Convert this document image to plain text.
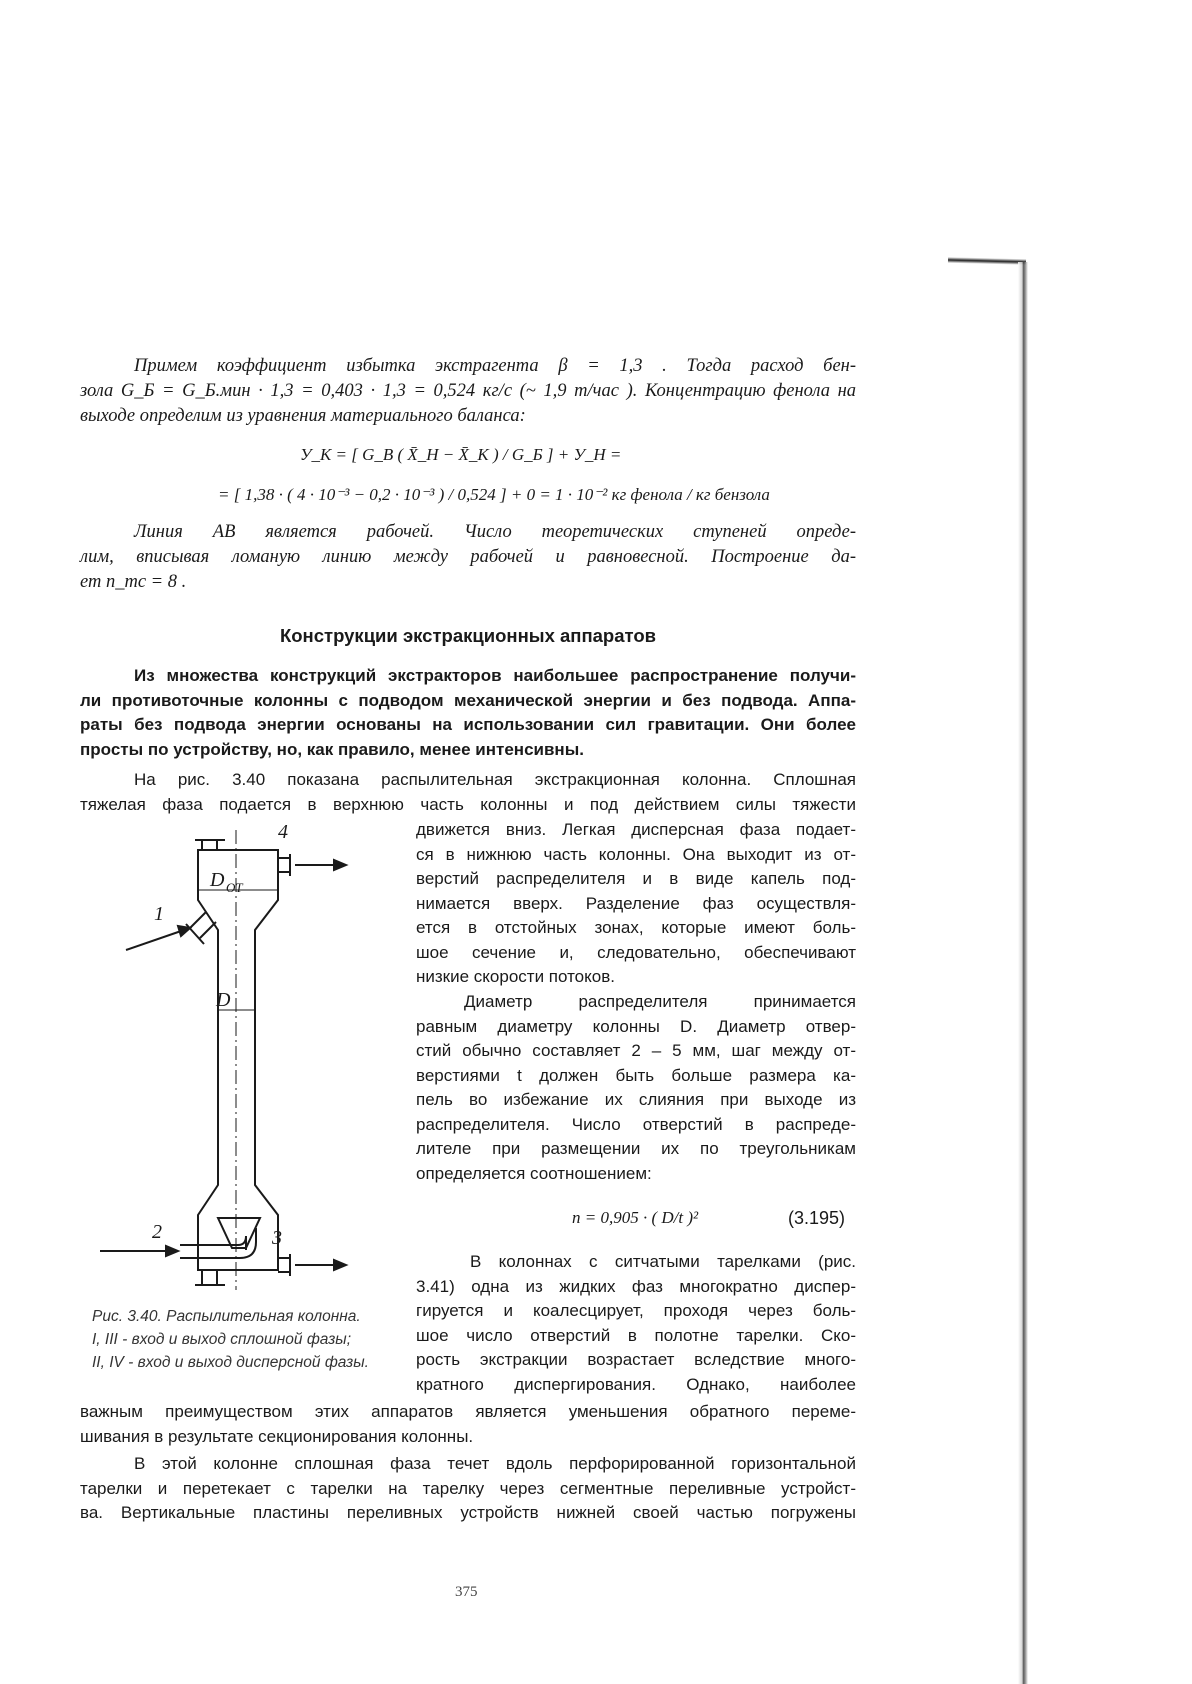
Примем коэффициент избытка экстрагента β = 1,3 . Тогда расход бен-
зола G_Б = G_Б.мин · 1,3 = 0,403 · 1,3 = 0,524 кг/с (~ 1,9 т/час ). Концентрацию фенола на
выходе определим из уравнения материального баланса:
У_К = [ G_В ( X̄_Н − X̄_К ) / G_Б ] + У_Н =
= [ 1,38 · ( 4 · 10⁻³ − 0,2 · 10⁻³ ) / 0,524 ] + 0 = 1 · 10⁻² кг фенола / кг бензола
Линия AB является рабочей. Число теоретических ступеней опреде-
лим, вписывая ломаную линию между рабочей и равновесной. Построение да-
ет n_тс = 8 .
Конструкции экстракционных аппаратов
Из множества конструкций экстракторов наибольшее распространение получи-
ли противоточные колонны с подводом механической энергии и без подвода. Аппа-
раты без подвода энергии основаны на использовании сил гравитации. Они более
просты по устройству, но, как правило, менее интенсивны.
На рис. 3.40 показана распылительная экстракционная колонна. Сплошная
тяжелая фаза подается в верхнюю часть колонны и под действием силы тяжести
движется вниз. Легкая дисперсная фаза подает-
ся в нижнюю часть колонны. Она выходит из от-
верстий распределителя и в виде капель под-
нимается вверх. Разделение фаз осуществля-
ется в отстойных зонах, которые имеют боль-
шое сечение и, следовательно, обеспечивают
низкие скорости потоков.
Диаметр распределителя принимается
равным диаметру колонны D. Диаметр отвер-
стий обычно составляет 2 – 5 мм, шаг между от-
верстиями t должен быть больше размера ка-
пель во избежание их слияния при выходе из
распределителя. Число отверстий в распреде-
лителе при размещении их по треугольникам
определяется соотношением:
n = 0,905 · ( D/t )²	(3.195)
В колоннах с ситчатыми тарелками (рис.
3.41) одна из жидких фаз многократно диспер-
гируется и коалесцирует, проходя через боль-
шое число отверстий в полотне тарелки. Ско-
рость экстракции возрастает вследствие много-
кратного диспергирования. Однако, наиболее
важным преимуществом этих аппаратов является уменьшения обратного переме-
шивания в результате секционирования колонны.
В этой колонне сплошная фаза течет вдоль перфорированной горизонтальной
тарелки и перетекает с тарелки на тарелку через сегментные переливные устройст-
ва. Вертикальные пластины переливных устройств нижней своей частью погружены
4
1
2	3
D OT
D
Рис. 3.40. Распылительная колонна.
I, III - вход и выход сплошной фазы;
II, IV - вход и выход дисперсной фазы.
375
